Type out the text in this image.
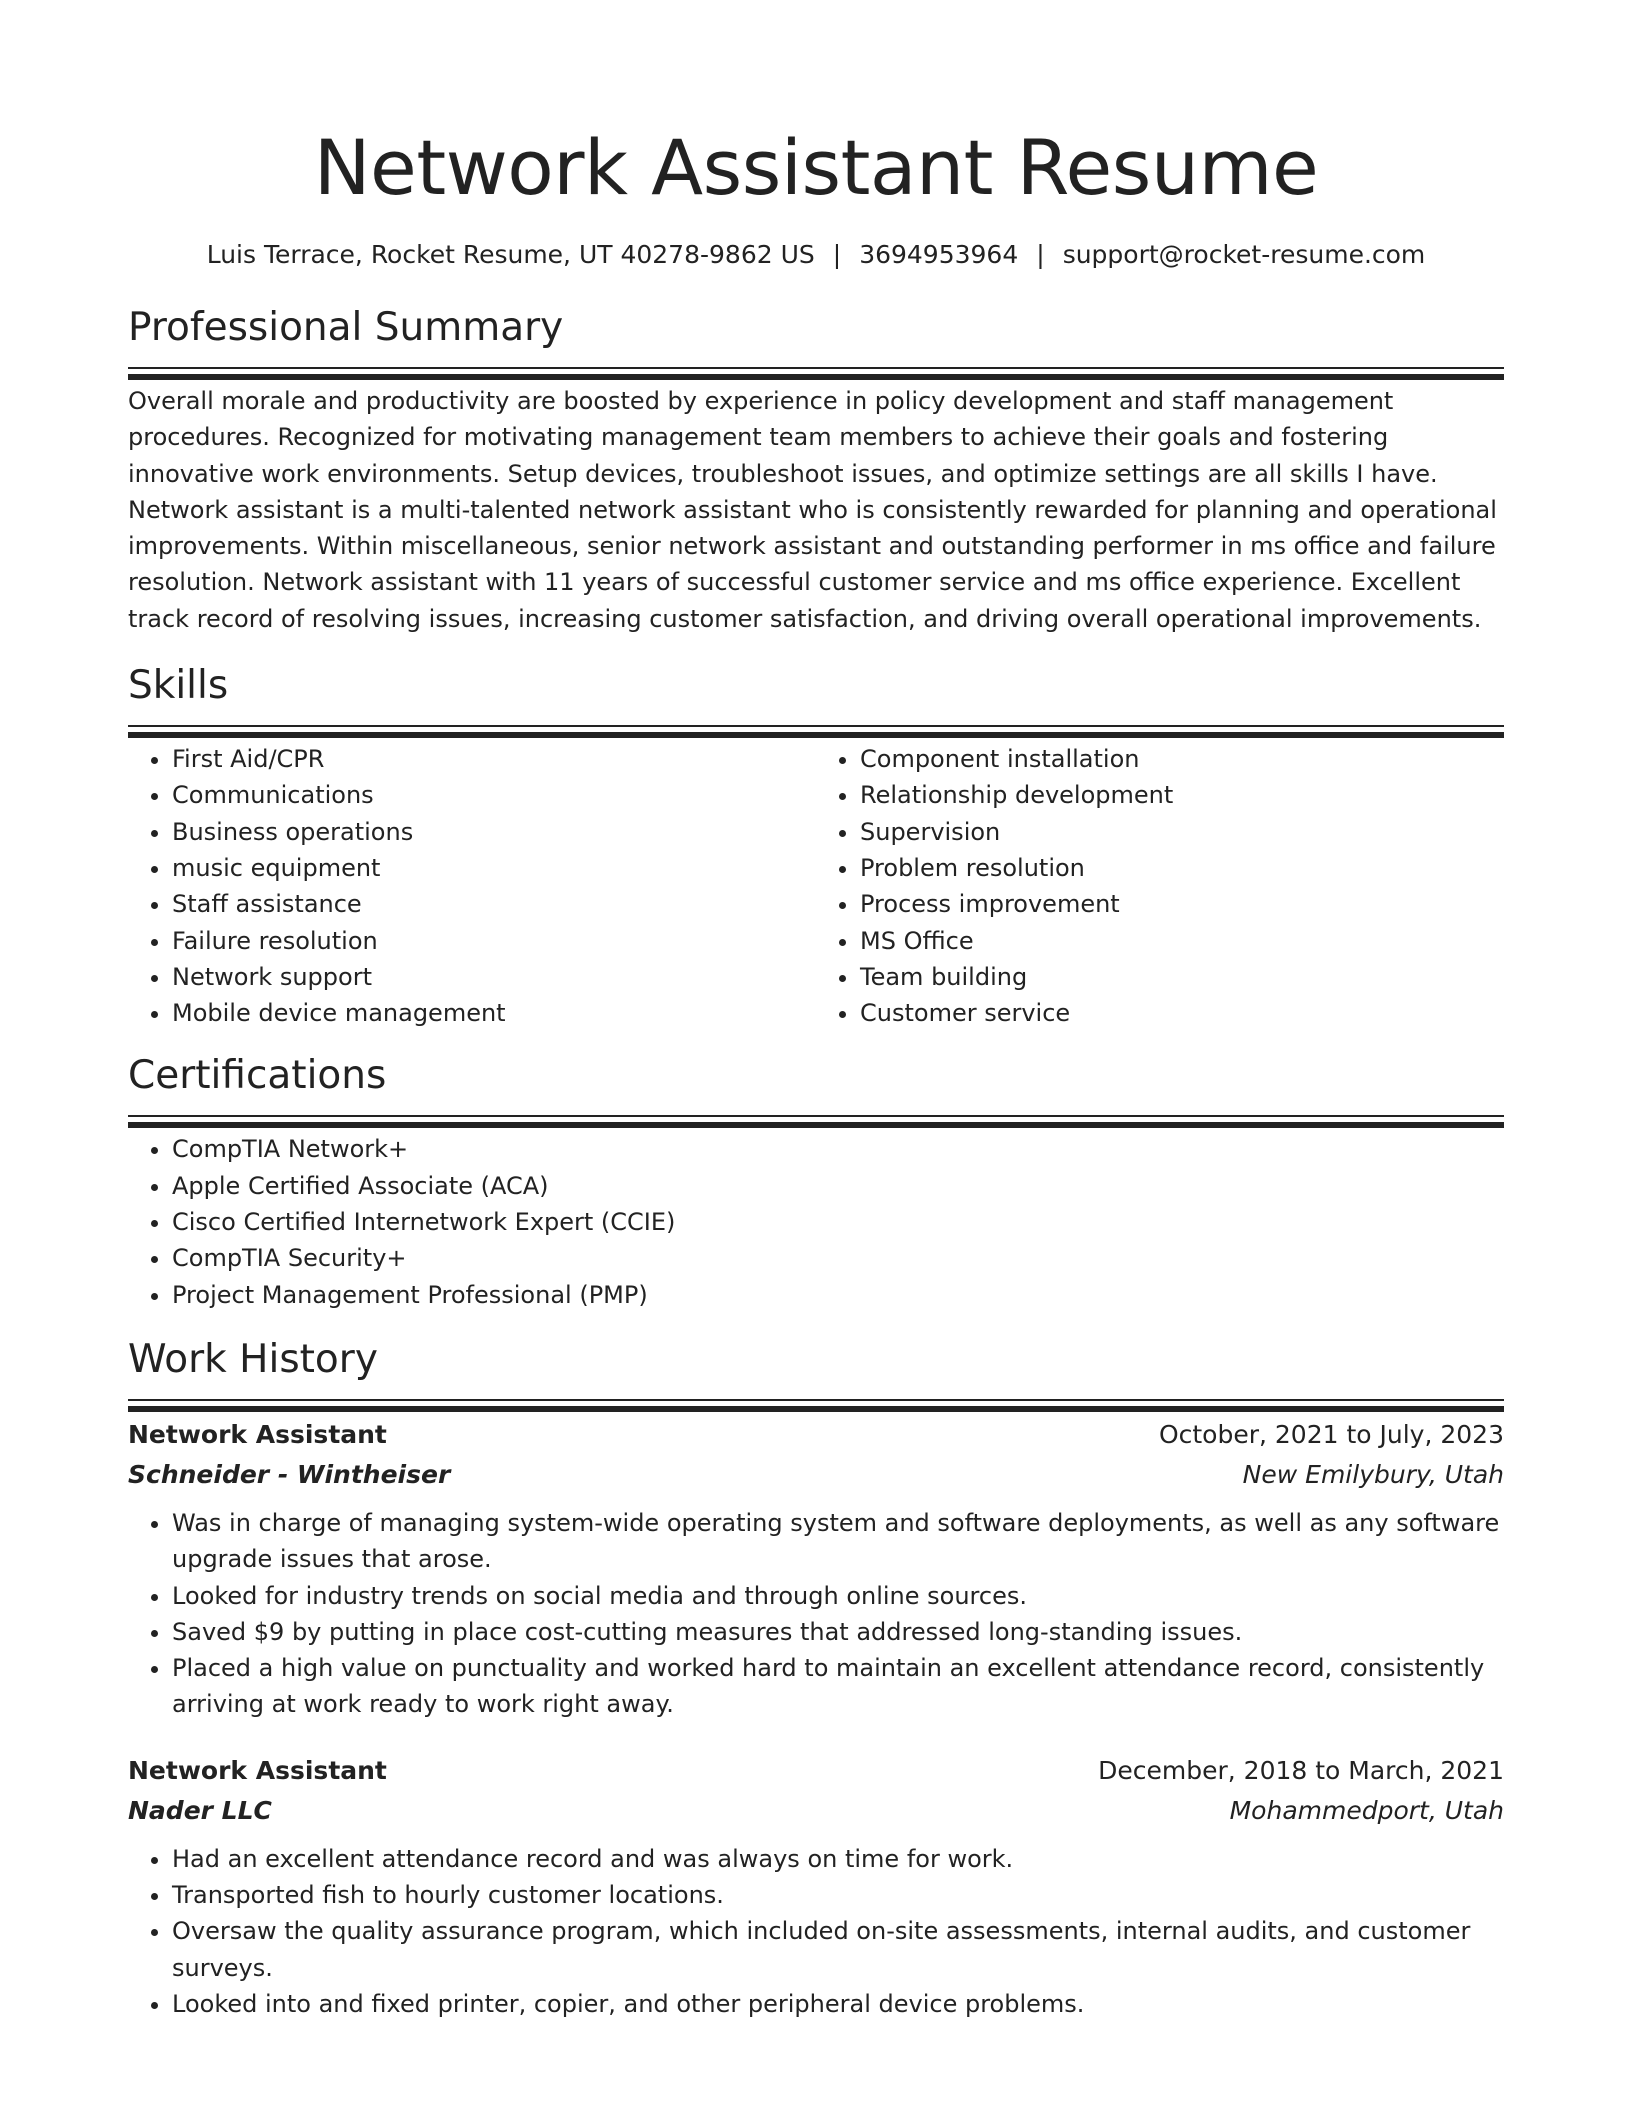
Network Assistant Resume
Luis Terrace, Rocket Resume, UT 40278-9862 US | 3694953964 | support@rocket-resume.com
Professional Summary

Overall morale and productivity are boosted by experience in policy development and staff management procedures. Recognized for motivating management team members to achieve their goals and fostering innovative work environments. Setup devices, troubleshoot issues, and optimize settings are all skills I have. Network assistant is a multi-talented network assistant who is consistently rewarded for planning and operational improvements. Within miscellaneous, senior network assistant and outstanding performer in ms office and failure resolution. Network assistant with 11 years of successful customer service and ms office experience. Excellent track record of resolving issues, increasing customer satisfaction, and driving overall operational improvements.

Skills
• First Aid/CPR
• Communications
• Business operations
• music equipment
• Staff assistance
• Failure resolution
• Network support
• Mobile device management
• Component installation
• Relationship development
• Supervision
• Problem resolution
• Process improvement
• MS Office
• Team building
• Customer service
Certifications
• CompTIA Network+
• Apple Certified Associate (ACA)
• Cisco Certified Internetwork Expert (CCIE)
• CompTIA Security+
• Project Management Professional (PMP)
Work History
Network Assistant	October, 2021 to July, 2023
Schneider - Wintheiser	New Emilybury, Utah
• Was in charge of managing system-wide operating system and software deployments, as well as any software upgrade issues that arose.
• Looked for industry trends on social media and through online sources.
• Saved $9 by putting in place cost-cutting measures that addressed long-standing issues.
• Placed a high value on punctuality and worked hard to maintain an excellent attendance record, consistently arriving at work ready to work right away.
Network Assistant	December, 2018 to March, 2021
Nader LLC	Mohammedport, Utah
• Had an excellent attendance record and was always on time for work.
• Transported fish to hourly customer locations.
• Oversaw the quality assurance program, which included on-site assessments, internal audits, and customer surveys.
• Looked into and fixed printer, copier, and other peripheral device problems.
